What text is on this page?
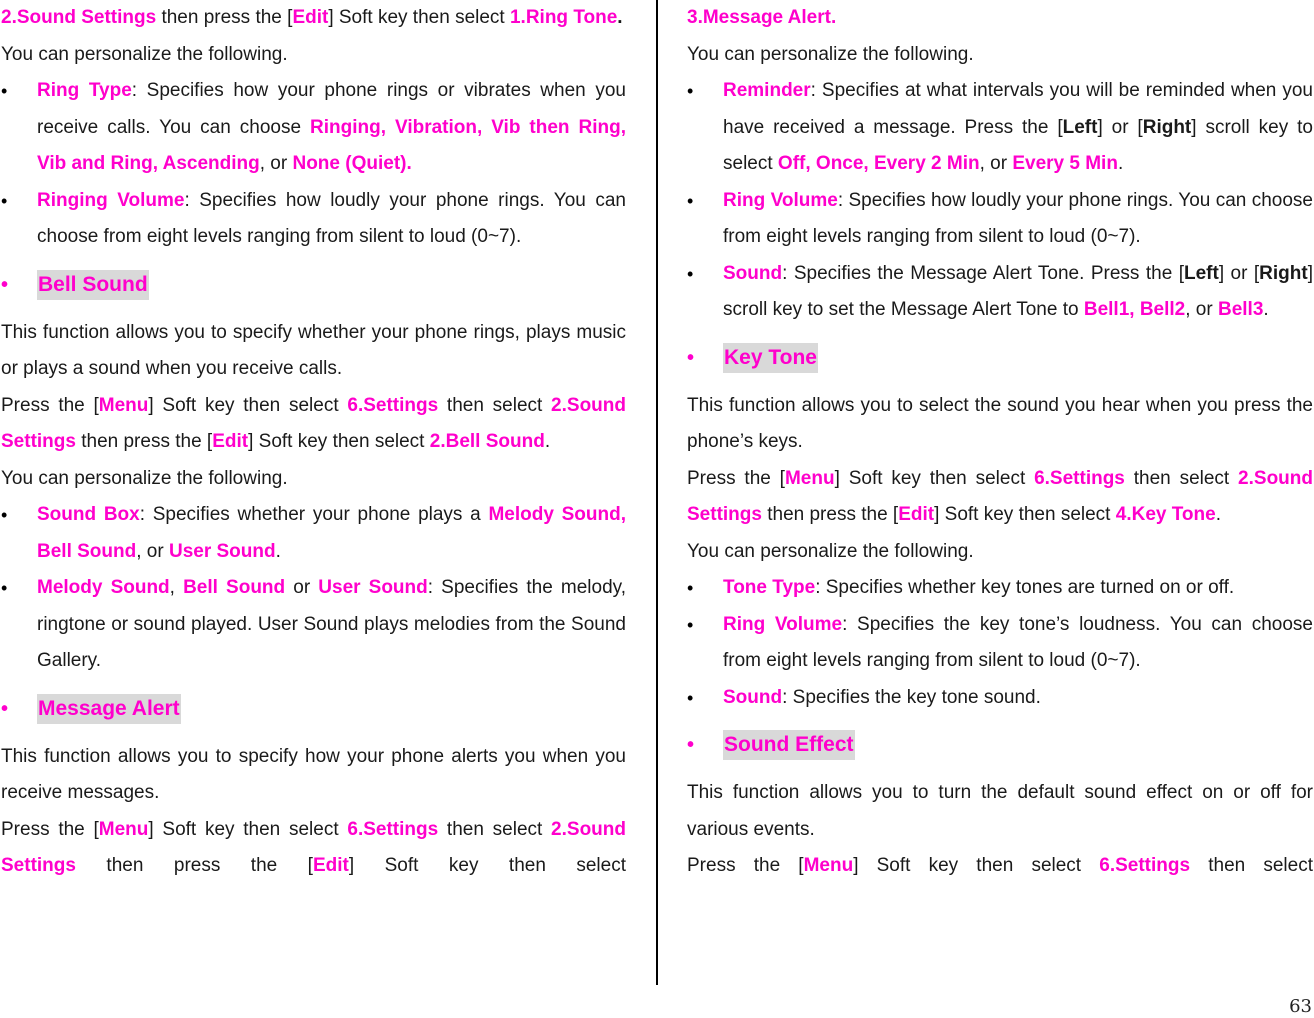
2.Sound Settings then press the [Edit] Soft key then select 1.Ring Tone.

You can personalize the following.

• Ring Type: Specifies how your phone rings or vibrates when you receive calls. You can choose Ringing, Vibration, Vib then Ring, Vib and Ring, Ascending, or None (Quiet).
• Ringing Volume: Specifies how loudly your phone rings. You can choose from eight levels ranging from silent to loud (0~7).
• Bell Sound

This function allows you to specify whether your phone rings, plays music or plays a sound when you receive calls.

Press the [Menu] Soft key then select 6.Settings then select 2.Sound Settings then press the [Edit] Soft key then select 2.Bell Sound.

You can personalize the following.

• Sound Box: Specifies whether your phone plays a Melody Sound, Bell Sound, or User Sound.
• Melody Sound, Bell Sound or User Sound: Specifies the melody, ringtone or sound played. User Sound plays melodies from the Sound Gallery.
• Message Alert

This function allows you to specify how your phone alerts you when you receive messages.

Press the [Menu] Soft key then select 6.Settings then select 2.Sound Settings then press the [Edit] Soft key then select

3.Message Alert.

You can personalize the following.

• Reminder: Specifies at what intervals you will be reminded when you have received a message. Press the [Left] or [Right] scroll key to select Off, Once, Every 2 Min, or Every 5 Min.
• Ring Volume: Specifies how loudly your phone rings. You can choose from eight levels ranging from silent to loud (0~7).
• Sound: Specifies the Message Alert Tone. Press the [Left] or [Right] scroll key to set the Message Alert Tone to Bell1, Bell2, or Bell3.
• Key Tone

This function allows you to select the sound you hear when you press the phone’s keys.

Press the [Menu] Soft key then select 6.Settings then select 2.Sound Settings then press the [Edit] Soft key then select 4.Key Tone.

You can personalize the following.

• Tone Type: Specifies whether key tones are turned on or off.
• Ring Volume: Specifies the key tone’s loudness. You can choose from eight levels ranging from silent to loud (0~7).
• Sound: Specifies the key tone sound.
• Sound Effect

This function allows you to turn the default sound effect on or off for various events.

Press the [Menu] Soft key then select 6.Settings then select

63
